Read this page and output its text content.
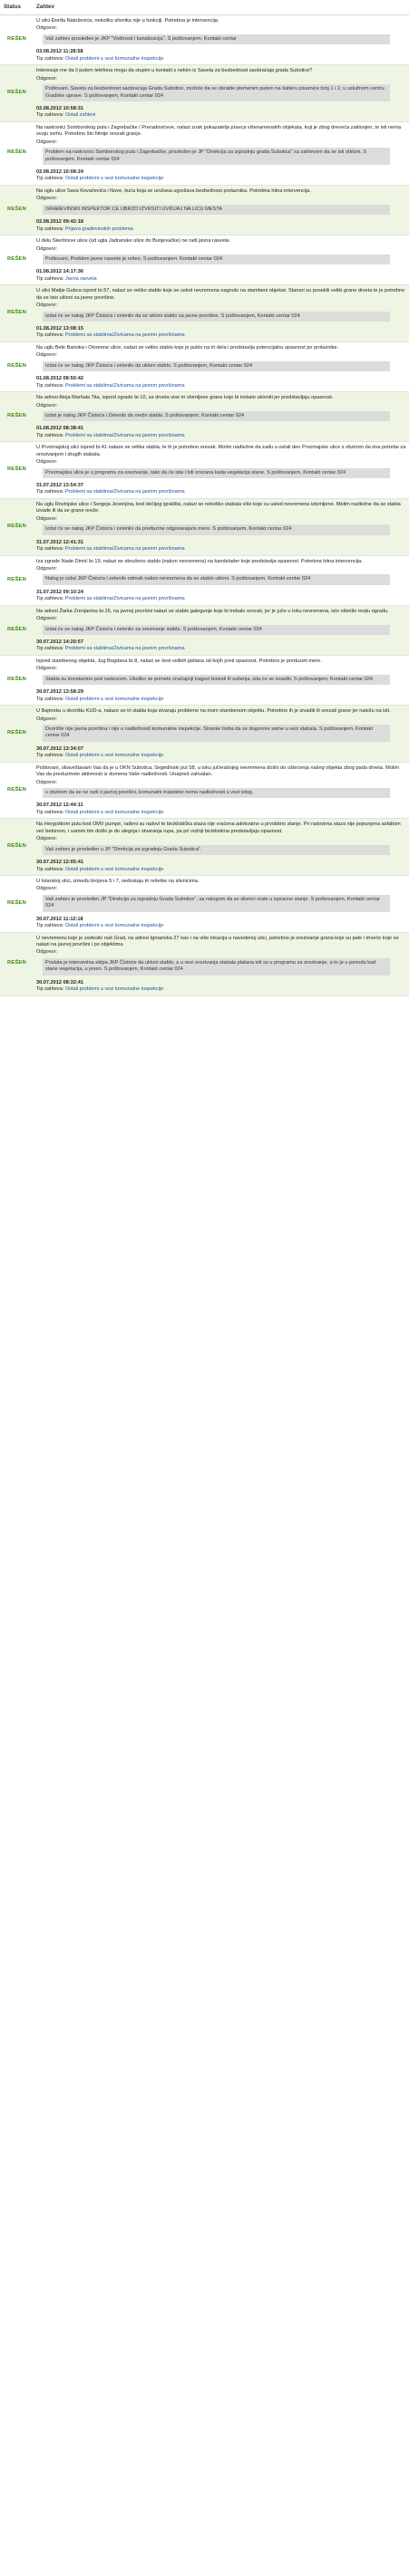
Status	Zahtev
REŠEN
U ulici Đorđa Natoševića, nekoliko slivnika nije u funkciji. Potrebna je intervencija.
Odgovor:
Vaš zahtev prosleđen je JKP "Vodovod i kanalizacija". S poštovanjem, Kontakt centar
03.08.2012 11:28:58
Tip zahteva: Ostali problemi u vezi komunalne inspekcije
REŠEN
Interesuje me da li putem telefona mogu da stupim u kontakt s nekim iz Saveta za bezbednost saobraćaja grada Subotice?
Odgovor:
Poštovani, Savetu za bezbednost saobraćaja Grada Subotice, možete da se obratite pismenim putem na šalteru pisarnice broj 1 i 2, u uslužnom centru Gradske uprave. S poštovanjem, Kontakt centar 024
02.08.2012 10:58:31
Tip zahteva: Ostali zahtevi
REŠEN
Na raskrsnici Somborskog puta i Zagrebačke / Preradovićeve, nalazi znak pokazatelja pravca višenamenskih objekata, koji je zbog dreveća zaklonjen, te isti nema svoju svrhu. Potrebno što hitnije orezati granje.
Odgovor:
Problem na raskrsnici Somborskog puta i Zagrebačke, prosleđen je JP "Direkcija za izgradnju grada Subotica" sa zahtevom da se isti otkloni. S poštovanjem, Kontakt centar 024
02.08.2012 10:08:24
Tip zahteva: Ostali problemi u vezi komunalne inspekcije
REŠEN
Na uglu ulice Sava Kovačevića i Nove, kuća koja se urušava ugrožava bezbednost prolaznika. Potrebna hitna intervencija.
Odgovor:
GRAĐEVINSKI INSPEKTOR CE UBRZO IZVRSITI UVIDJAJ NA LICU MESTA
02.08.2012 09:42:18
Tip zahteva: Prijava građevinskih problema
REŠEN
U delu Skerlićeve ulice (od ugla Jadranske ulice do Bunjevačke) ne radi javna rasveta.
Odgovor:
Poštovani, Problem javne rasvete je rešen. S poštovanjem. Kontakt centar 024
01.08.2012 14:17:36
Tip zahteva: Javna rasveta
REŠEN
U ulici Matije Gubca ispred br.57, nalazi se veliko stablo koje se usled nevremena nagnulo na stambeni objekat. Stanari su poseklii veliki grane drveta te je potrebno da se isto ukloni sa javne površine.
Odgovor:
Izdat će se nalog JKP Čistoća i zelenilo da se ukloni stablo sa javne površine. S poštovanjem, Kontakt centar 024
01.08.2012 13:08:15
Tip zahteva: Problemi sa stablima/Zivicama na javnim površinama
REŠEN
Na uglu Bele Bartoka i Otvorene ulice, nalazi se veliko stablo koje je puklo na tri dela i predstavlja potencijalnu opasnost po prolaznike.
Odgovor:
Izdat će se nalog JKP Čistoća i zelenilo da ukloni stablo. S poštovanjem, Kontakt centar 024
01.08.2012 08:50:42
Tip zahteva: Problemi sa stablima/Zivicama na javnim površinama
REŠEN
Na adresi Aleja Maršala Tita, ispred zgrade br.10, sa drveta vise tri slomljene grane koje bi trebalo ukloniti jer predstavljaju opasnost.
Odgovor:
Izdat je nalog JKP Čistoća i Zelenilo da oreže stabla. S poštovanjem, Kontakt centar 024
01.08.2012 08:38:41
Tip zahteva: Problemi sa stablima/Zivicama na javnim površinama
REŠEN
U Prvomajskoj ulici ispred br.41 nalaze se velika stabla, te ih je potrebno orezati. Molim nadležne da zađu u ostali deo Prvomajske ulice s obzirom da ima potrebe za orezivanjem i drugih stabala.
Odgovor:
Prvomajska ulica je u programu za orezivanje, tako da će ista i biti orezana kada vegetacija stane. S poštovanjem, Kontakt centar 024
31.07.2012 13:54:37
Tip zahteva: Problemi sa stablima/Zivicama na javnim površinama
REŠEN
Na uglu Rovinjske ulice i Sergeja Jesenjina, kod dečijeg igrališta, nalazi se nekoliko stabala više koje su usled nevremena izlomljene. Molim nadležne da se stabla izvade ili da se grane oreže.
Odgovor:
Izdat će se nalog JKP Čistoća i zelenilo da preduzme odgovarajuće mere. S poštovanjem, Kontakt centar 024
31.07.2012 12:41:31
Tip zahteva: Problemi sa stablima/Zivicama na javnim površinama
REŠEN
Iza zgrade Nade Dimić br.19, nalazi se obrušeno stablo (nakon nevremena) na kandelader koje predstavlja opasnost. Potrebna hitna intervencija.
Odgovor:
Nalog je izdat JKP Čistoća i zelenilo odmah nakon nevremena da se stablo ukloni. S poštovanjem, Kontakt centar 024
31.07.2012 09:10:24
Tip zahteva: Problemi sa stablima/Zivicama na javnim površinama
REŠEN
Na adresi Žarka Zrenjanina br.15, na javnoj površini nalazi se stablo galegunje koje bi trebalo orezati, jer je juče u toku nevremena, isto oštetilo mojiu ogradu.
Odgovor:
Izdat će se nalog JKP Čistoća i zelenilo za orezivanje stabla. S poštovanjem, Kontakt centar 024
30.07.2012 14:20:57
Tip zahteva: Problemi sa stablima/Zivicama na javnim površinama
REŠEN
Ispred stambenog objekta, Jug Bogdana br.8, nalazi se šest velikih jablana od kojih preti opasnost. Potrebno je preduzeti mere.
Odgovor:
Stabla su konstantno pod nadzorom. Ukoliko se primete značajniji tragovi bolesti ili sušenja, ista će se izvaditi. S poštovanjem, Kontakt centar 024
30.07.2012 13:58:29
Tip zahteva: Ostali problemi u vezi komunalne inspekcije
REŠEN
U Bajmoku u dvorištu KUD-a, nalaze se tri stabla koja stvaraju probleme na mom stambenom objektu. Potrebno ih je izvaditi ili orezati grane jer naležu na isti.
Odgovor:
Dvorište nije javna površina i nije u nadležnosti komunalne inspekcije. Stranke treba da se dogovore same u vezi stabala. S poštovanjem, Kontakt centar 024
30.07.2012 13:34:07
Tip zahteva: Ostali problemi u vezi komunalne inspekcije
REŠEN
Poštovani, obaveštavam Vas da je u OKN Subotica, Segedinski put 58, u toku jučerašnjeg nevremena došlo do oštećenja našeg objekta zbog pada drveta. Molim Vas da preduzmete aktivnosti iz domena Vaše nadležnosti. Unapred zahvalan.
Odgovor:
s obzirom da se ne radi o javnoj površini, komunalni inspektor nema nadležnosti u vezi istog.
30.07.2012 12:44:11
Tip zahteva: Ostali problemi u vezi komunalne inspekcije
REŠEN
Na Horgoškom putu kod OMV pumpe, rađeni su radovi te biciklistička staza nije vraćena adekvatno u prvobitno stanje. Pri radovima staza nije popunjena asfaltom već betonom, i samim tim došlo je do ulegnja i stvaranja rupa, pa pri vožnji biciklistima predstavljaju opasnost.
Odgovor:
Vaš zahtev je prosleđen u JP "Direkcija za izgradnju Grada Subotica".
30.07.2012 12:05:41
Tip zahteva: Ostali problemi u vezi komunalne inspekcije
REŠEN
U Istarskoj ulici, između brojeva 5 i 7, nedostaju tri rešetke na slivnicima.
Odgovor:
Vaš zahtev je prosleđen JP "Direkcija za izgradnju Grada Subotice", sa nalogom da se slivnici vrate u ispravno stanje. S poštovanjem, Kontakt centar 024
30.07.2012 11:12:18
Tip zahteva: Ostali problemi u vezi komunalne inspekcije
REŠEN
U nevremenu koje je zadesilo naš Grad, na adresi Igmanska 27 kao i na više lokacija u navedenoj ulici, potrebno je orezivanje grana koje su pale i drveće koje se nalazi na javnoj površini i po objektima.
Odgovor:
Poslata je interventna ekipa JKP Čistoće da ukloni stablo, a u vezi orezivanja stabala platana isti su u programu za orezivanje, a to je u periodu kad stane vegetacija, u jesen. S poštovanjem, Kontakt centar 024
30.07.2012 08:32:41
Tip zahteva: Ostali problemi u vezi komunalne inspekcije
